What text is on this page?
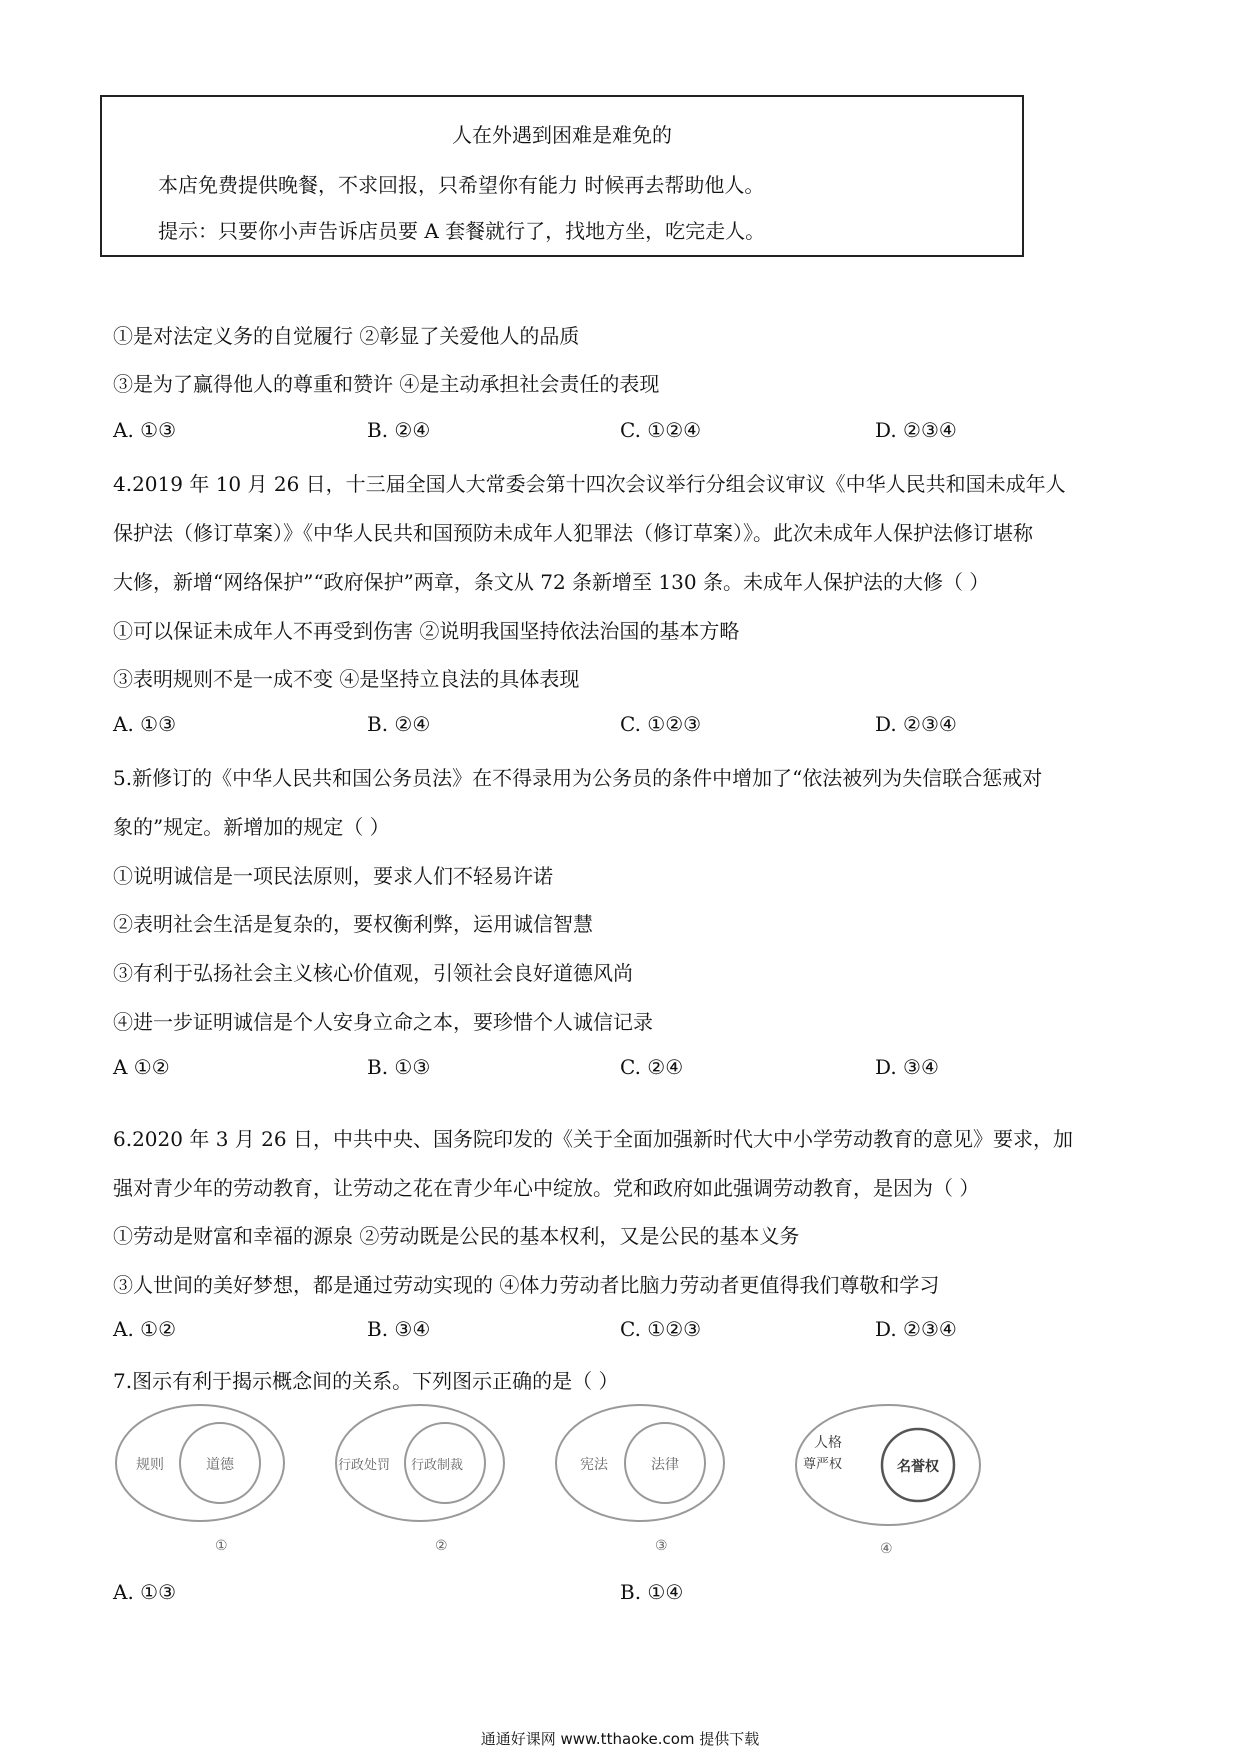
人在外遇到困难是难免的
本店免费提供晚餐，不求回报，只希望你有能力 时候再去帮助他人。
提示：只要你小声告诉店员要 A 套餐就行了，找地方坐，吃完走人。
①是对法定义务的自觉履行 ②彰显了关爱他人的品质
③是为了赢得他人的尊重和赞许 ④是主动承担社会责任的表现
A. ①③	B. ②④	C. ①②④	D. ②③④
4.2019 年 10 月 26 日，十三届全国人大常委会第十四次会议举行分组会议审议《中华人民共和国未成年人
保护法（修订草案）》《中华人民共和国预防未成年人犯罪法（修订草案）》。此次未成年人保护法修订堪称
大修，新增“网络保护”“政府保护”两章，条文从 72 条新增至 130 条。未成年人保护法的大修（ ）
①可以保证未成年人不再受到伤害 ②说明我国坚持依法治国的基本方略
③表明规则不是一成不变 ④是坚持立良法的具体表现
A. ①③	B. ②④	C. ①②③	D. ②③④
5.新修订的《中华人民共和国公务员法》在不得录用为公务员的条件中增加了“依法被列为失信联合惩戒对
象的”规定。新增加的规定（ ）
①说明诚信是一项民法原则，要求人们不轻易许诺
②表明社会生活是复杂的，要权衡利弊，运用诚信智慧
③有利于弘扬社会主义核心价值观，引领社会良好道德风尚
④进一步证明诚信是个人安身立命之本，要珍惜个人诚信记录
A ①②	B. ①③	C. ②④	D. ③④
6.2020 年 3 月 26 日，中共中央、国务院印发的《关于全面加强新时代大中小学劳动教育的意见》要求，加
强对青少年的劳动教育，让劳动之花在青少年心中绽放。党和政府如此强调劳动教育，是因为（ ）
①劳动是财富和幸福的源泉 ②劳动既是公民的基本权利，又是公民的基本义务
③人世间的美好梦想，都是通过劳动实现的 ④体力劳动者比脑力劳动者更值得我们尊敬和学习
A. ①②	B. ③④	C. ①②③	D. ②③④
7.图示有利于揭示概念间的关系。下列图示正确的是（ ）
规则	道德
①
行政处罚 行政制裁
②
宪法	法律
③
人格
尊严权	名誉权
④
A. ①③	B. ①④
通通好课网 www.tthaoke.com 提供下载
